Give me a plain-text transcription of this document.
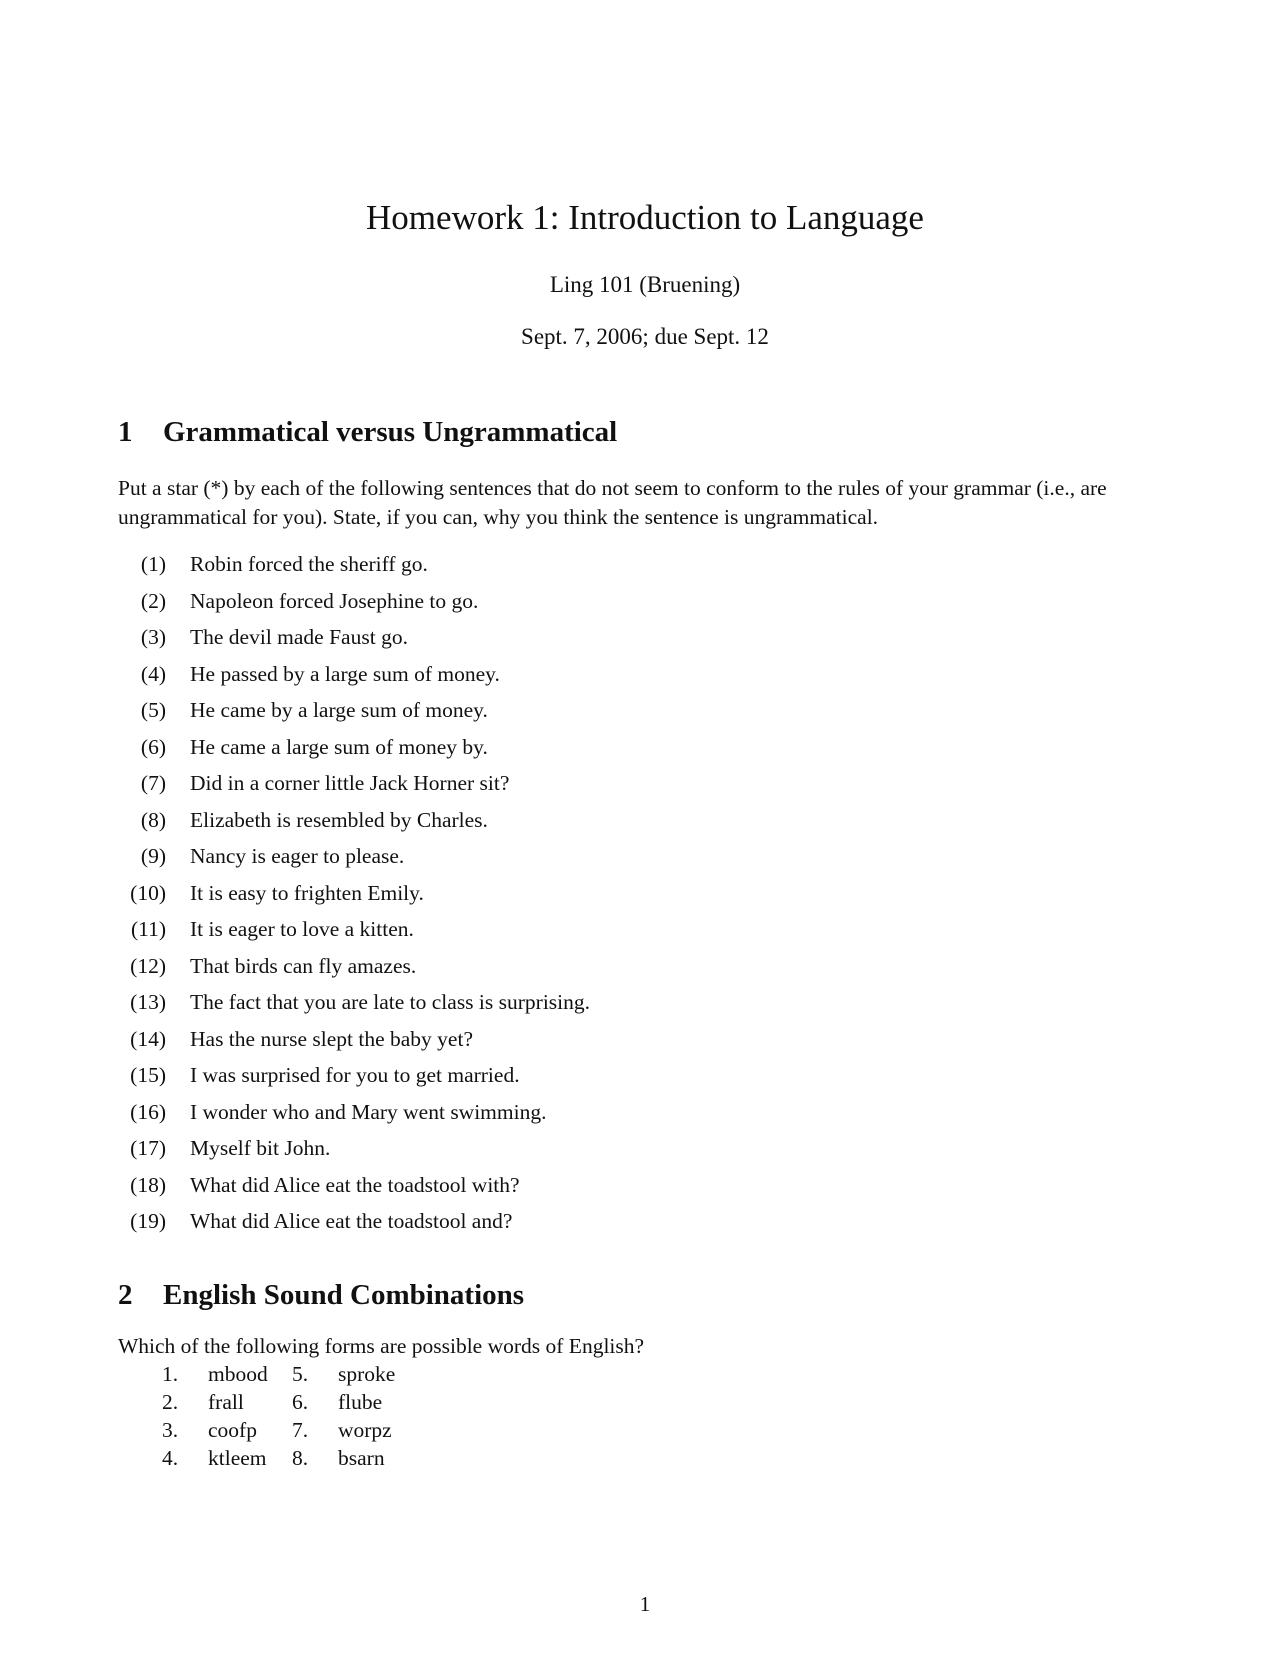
Homework 1: Introduction to Language
Ling 101 (Bruening)
Sept. 7, 2006; due Sept. 12
1 Grammatical versus Ungrammatical

Put a star (*) by each of the following sentences that do not seem to conform to the rules of your grammar (i.e., are ungrammatical for you). State, if you can, why you think the sentence is ungrammatical.

(1) Robin forced the sheriff go.
(2) Napoleon forced Josephine to go.
(3) The devil made Faust go.
(4) He passed by a large sum of money.
(5) He came by a large sum of money.
(6) He came a large sum of money by.
(7) Did in a corner little Jack Horner sit?
(8) Elizabeth is resembled by Charles.
(9) Nancy is eager to please.
(10) It is easy to frighten Emily.
(11) It is eager to love a kitten.
(12) That birds can fly amazes.
(13) The fact that you are late to class is surprising.
(14) Has the nurse slept the baby yet?
(15) I was surprised for you to get married.
(16) I wonder who and Mary went swimming.
(17) Myself bit John.
(18) What did Alice eat the toadstool with?
(19) What did Alice eat the toadstool and?
2 English Sound Combinations

Which of the following forms are possible words of English?

1.	mbood	5.	sproke
2.	frall	6.	flube
3.	coofp	7.	worpz
4.	ktleem	8.	bsarn
1
